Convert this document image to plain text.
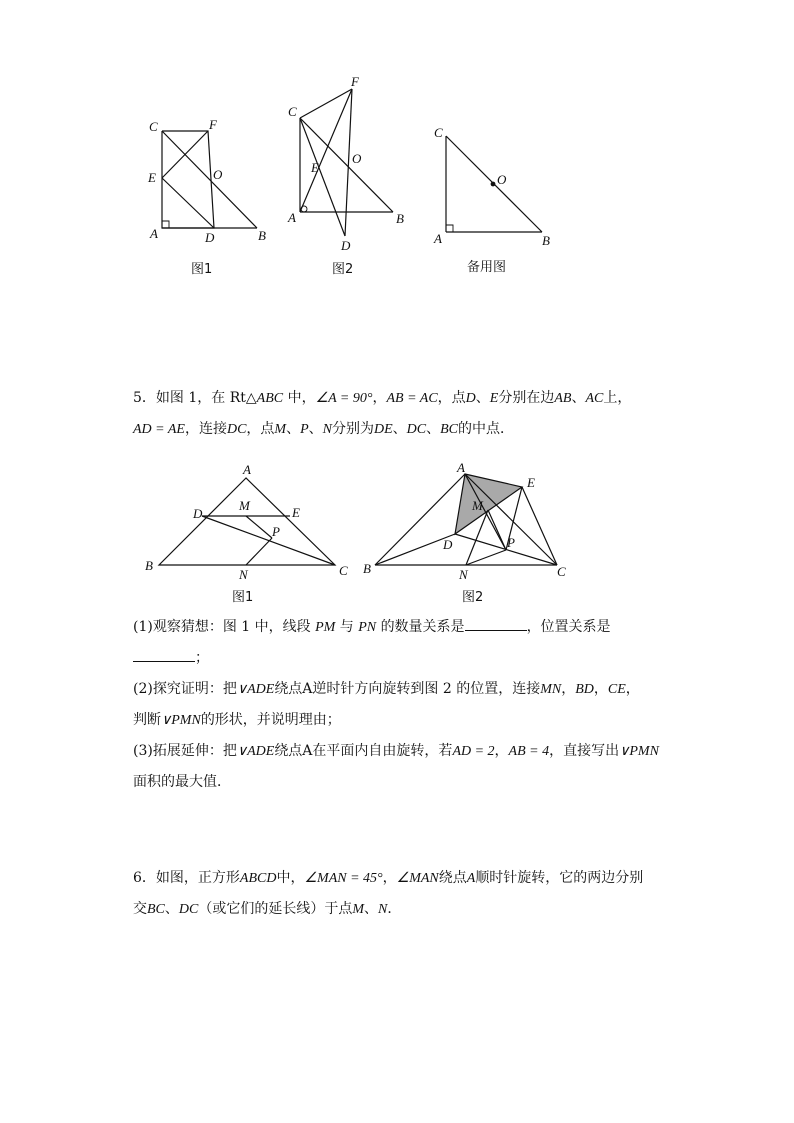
C	F
E	O
A	D	B
F
C
O
E
A	B
D
C
O
A	B
图1	图2	备用图
5．如图 1，在 Rt△ABC 中，∠A = 90°，AB = AC，点D、E分别在边AB、AC上，
AD = AE，连接DC，点M、P、N分别为DE、DC、BC的中点．
A
D
M	E
P
B
N	C
A
E
M
D	P
B	N	C
图1	图2
(1)观察猜想：图 1 中，线段 PM 与 PN 的数量关系是	，位置关系是
；
(2)探究证明：把∨ADE绕点A逆时针方向旋转到图 2 的位置，连接MN，BD，CE，
判断∨PMN的形状，并说明理由；
(3)拓展延伸：把∨ADE绕点A在平面内自由旋转，若AD = 2，AB = 4，直接写出∨PMN
面积的最大值．
6．如图，正方形ABCD中，∠MAN = 45°，∠MAN绕点A顺时针旋转，它的两边分别
交BC、DC（或它们的延长线）于点M、N．
